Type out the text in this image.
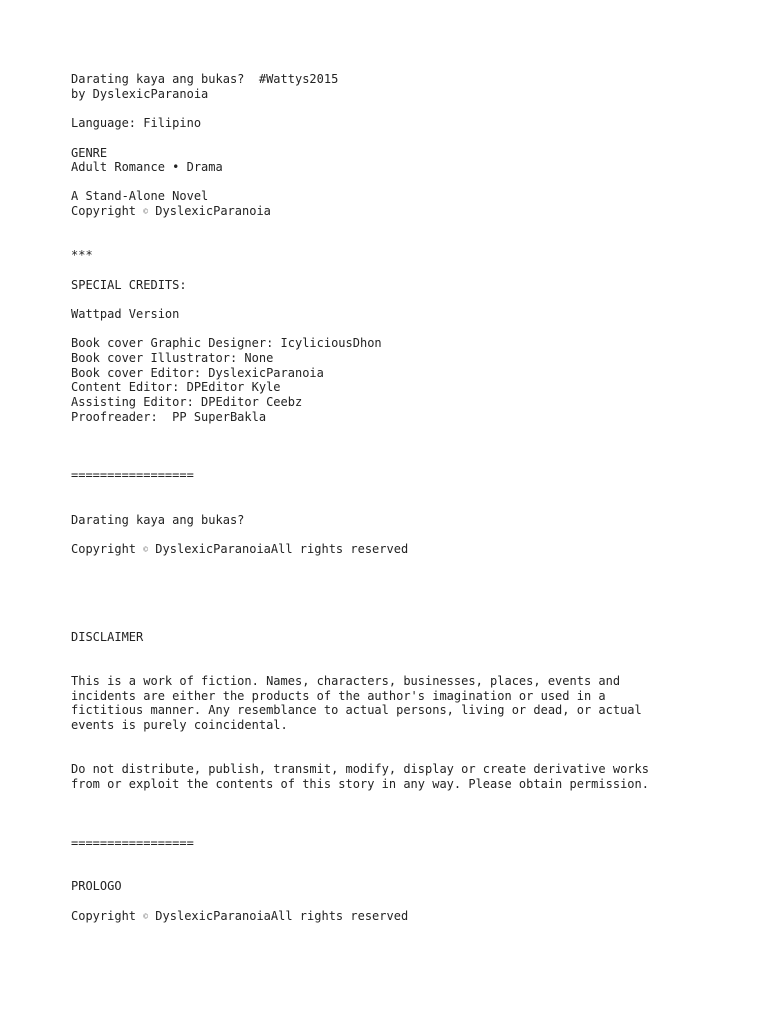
Darating kaya ang bukas?  #Wattys2015
by DyslexicParanoia
Language: Filipino
GENRE
Adult Romance • Drama
A Stand-Alone Novel
Copyright © DyslexicParanoia
***
SPECIAL CREDITS:
Wattpad Version
Book cover Graphic Designer: IcyliciousDhon
Book cover Illustrator: None
Book cover Editor: DyslexicParanoia
Content Editor: DPEditor Kyle
Assisting Editor: DPEditor Ceebz
Proofreader:  PP SuperBakla
=================
Darating kaya ang bukas?
Copyright © DyslexicParanoiaAll rights reserved
DISCLAIMER
This is a work of fiction. Names, characters, businesses, places, events and
incidents are either the products of the author's imagination or used in a
fictitious manner. Any resemblance to actual persons, living or dead, or actual
events is purely coincidental.
Do not distribute, publish, transmit, modify, display or create derivative works
from or exploit the contents of this story in any way. Please obtain permission.
=================
PROLOGO
Copyright © DyslexicParanoiaAll rights reserved
